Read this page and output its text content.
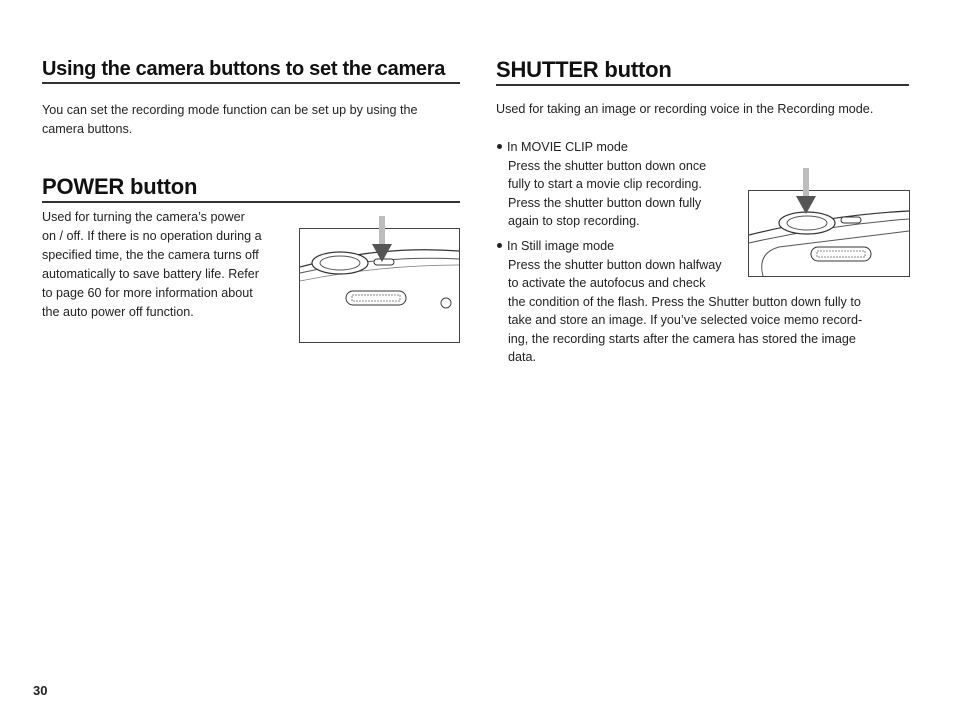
Using the camera buttons to set the camera
You can set the recording mode function can be set up by using the camera buttons.
POWER button
Used for turning the camera’s power
on / off. If there is no operation during a
specified time, the the camera turns off
automatically to save battery life. Refer
to page 60 for more information about
the auto power off function.
SHUTTER button
Used for taking an image or recording voice in the Recording mode.
In MOVIE CLIP mode
Press the shutter button down once
fully to start a movie clip recording.
Press the shutter button down fully
again to stop recording.
In Still image mode
Press the shutter button down halfway
to activate the autofocus and check
the condition of the flash. Press the Shutter button down fully to
take and store an image. If you’ve selected voice memo record-
ing, the recording starts after the camera has stored the image
data.
30
